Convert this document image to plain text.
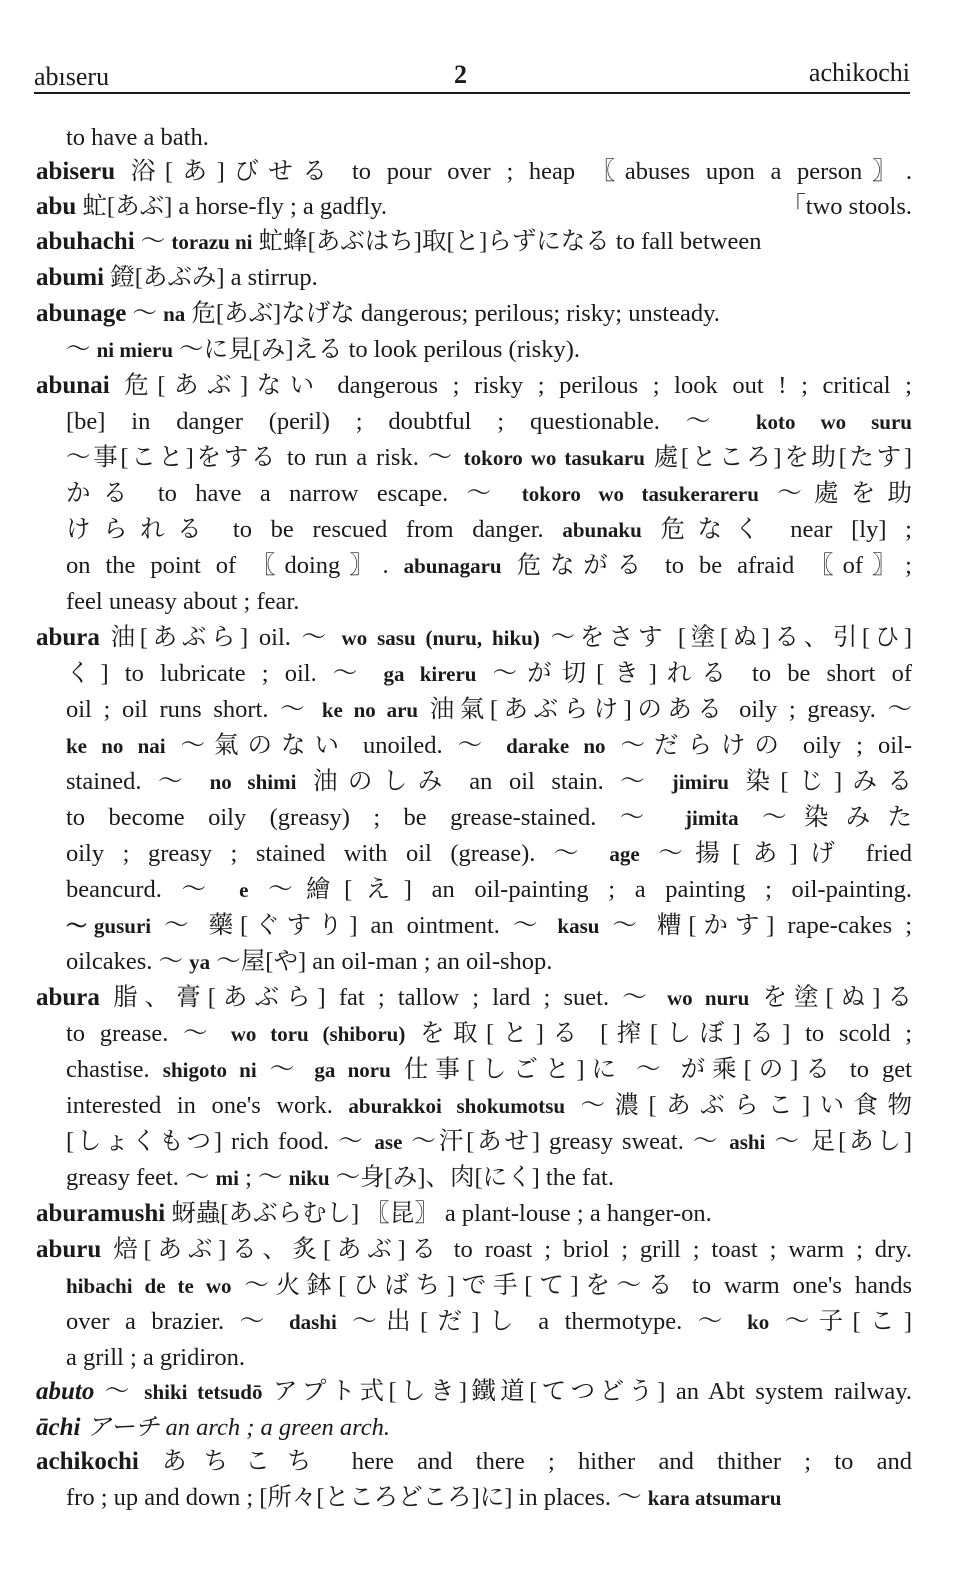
abıseru	2	achikochi
to have a bath.
abiseru 浴[あ]びせる to pour over ; heap 〖abuses upon a person〗.
abu 虻[あぶ] a horse-fly ; a gadfly.	「two stools.
abuhachi ～ torazu ni 虻蜂[あぶはち]取[と]らずになる to fall between
abumi 鐙[あぶみ] a stirrup.
abunage ～ na 危[あぶ]なげな dangerous; perilous; risky; unsteady.
～ ni mieru ～に見[み]える to look perilous (risky).
abunai 危[あぶ]ない dangerous ; risky ; perilous ; look out ! ; critical ;
[be] in danger (peril) ; doubtful ; questionable. ～ koto wo suru
～事[こと]をする to run a risk. ～ tokoro wo tasukaru 處[ところ]を助[たす]
かる to have a narrow escape. ～ tokoro wo tasukerareru ～處を助
けられる to be rescued from danger. abunaku 危なく near [ly] ;
on the point of 〖doing〗. abunagaru 危ながる to be afraid 〖of〗;
feel uneasy about ; fear.
abura 油[あぶら] oil. ～ wo sasu (nuru, hiku) ～をさす [塗[ぬ]る、引[ひ]
く] to lubricate ; oil. ～ ga kireru ～が切[き]れる to be short of
oil ; oil runs short. ～ ke no aru 油氣[あぶらけ]のある oily ; greasy. ～
ke no nai ～氣のない unoiled. ～ darake no ～だらけの oily ; oil-
stained. ～ no shimi 油のしみ an oil stain. ～ jimiru 染[じ]みる
to become oily (greasy) ; be grease-stained. ～ jimita ～染みた
oily ; greasy ; stained with oil (grease). ～ age ～揚[あ]げ fried
beancurd. ～ e ～繪[え] an oil-painting ; a painting ; oil-painting.
～gusuri ～ 藥[ぐすり] an ointment. ～ kasu ～ 糟[かす] rape-cakes ;
oilcakes. ～ ya ～屋[や] an oil-man ; an oil-shop.
abura 脂、膏[あぶら] fat ; tallow ; lard ; suet. ～ wo nuru を塗[ぬ]る
to grease. ～ wo toru (shiboru) を取[と]る [搾[しぼ]る] to scold ;
chastise. shigoto ni ～ ga noru 仕事[しごと]に ～ が乘[の]る to get
interested in one's work. aburakkoi shokumotsu ～濃[あぶらこ]い食物
[しょくもつ] rich food. ～ ase ～汗[あせ] greasy sweat. ～ ashi ～ 足[あし]
greasy feet. ～ mi ; ～ niku ～身[み]、肉[にく] the fat.
aburamushi 蚜蟲[あぶらむし] 〖昆〗 a plant-louse ; a hanger-on.
aburu 焙[あぶ]る、炙[あぶ]る to roast ; briol ; grill ; toast ; warm ; dry.
hibachi de te wo ～火鉢[ひばち]で手[て]を～る to warm one's hands
over a brazier. ～ dashi ～出[だ]し a thermotype. ～ ko ～子[こ]
a grill ; a gridiron.
abuto ～ shiki tetsudō アプト式[しき]鐵道[てつどう] an Abt system railway.
āchi アーチ an arch ; a green arch.
achikochi あちこち here and there ; hither and thither ; to and
fro ; up and down ; [所々[ところどころ]に] in places. ～ kara atsumaru
